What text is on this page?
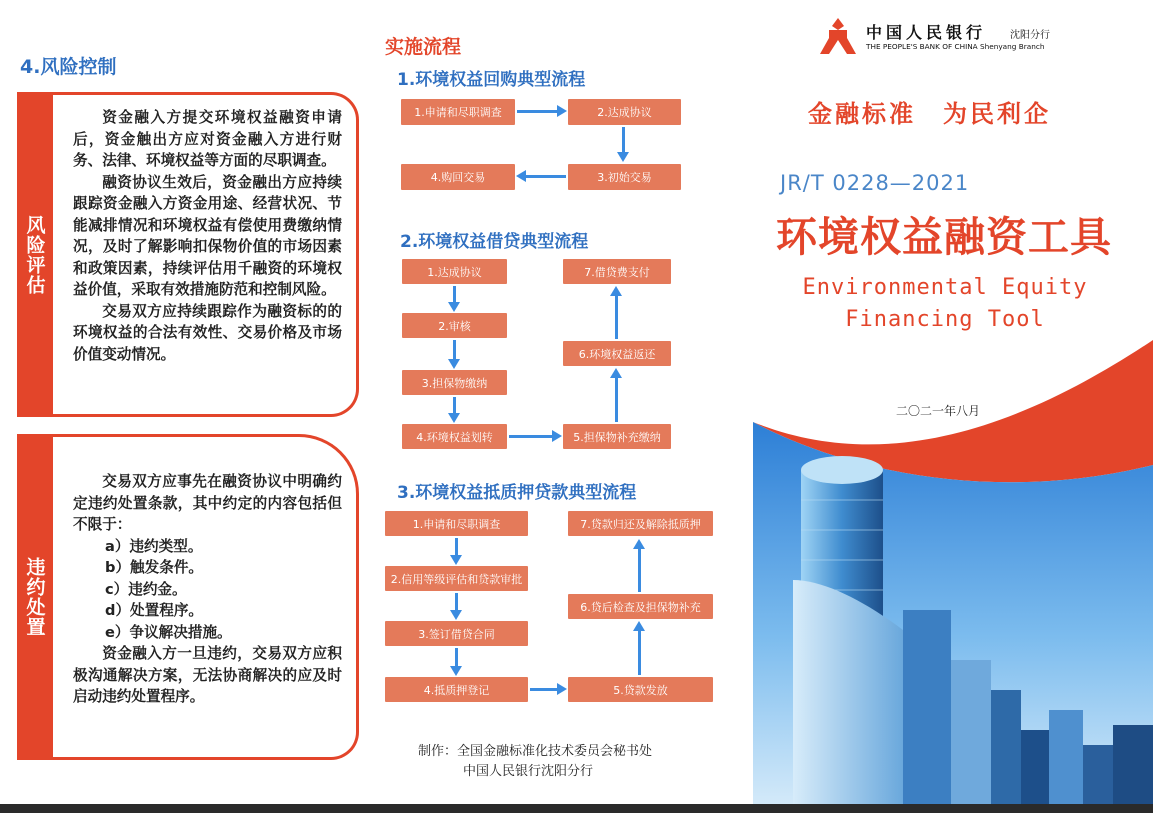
4.风险控制
风险评估

资金融入方提交环境权益融资申请后，资金触出方应对资金融入方进行财务、法律、环境权益等方面的尽职调查。

融资协议生效后，资金融出方应持续跟踪资金融入方资金用途、经营状况、节能减排情况和环境权益有偿使用费缴纳情况，及时了解影响扣保物价值的市场因素和政策因素，持续评估用千融资的环境权益价值，采取有效措施防范和控制风险。

交易双方应持续跟踪作为融资标的的环境权益的合法有效性、交易价格及市场价值变动情况。

违约处置

交易双方应事先在融资协议中明确约定违约处置条款，其中约定的内容包括但不限于：

a）违约类型。

b）触发条件。

c）违约金。

d）处置程序。

e）争议解决措施。

资金融入方一旦违约，交易双方应积极沟通解决方案，无法协商解决的应及时启动违约处置程序。

实施流程
1.环境权益回购典型流程
1.申请和尽职调查	2.达成协议
3.初始交易
4.购回交易
2.环境权益借贷典型流程
1.达成协议
2.审核
3.担保物缴纳
4.环境权益划转	5.担保物补充缴纳
6.环境权益返还
7.借贷费支付
3.环境权益抵质押贷款典型流程
1.申请和尽职调查
2.信用等级评估和贷款审批
3.签订借贷合同
4.抵质押登记	5.贷款发放
6.贷后检查及担保物补充
7.贷款归还及解除抵质押
制作：全国金融标准化技术委员会秘书处
中国人民银行沈阳分行
中国人民银行 沈阳分行
THE PEOPLE'S BANK OF CHINA Shenyang Branch
金融标准　为民利企
JR/T 0228—2021
环境权益融资工具
Environmental Equity
Financing Tool
二〇二一年八月
